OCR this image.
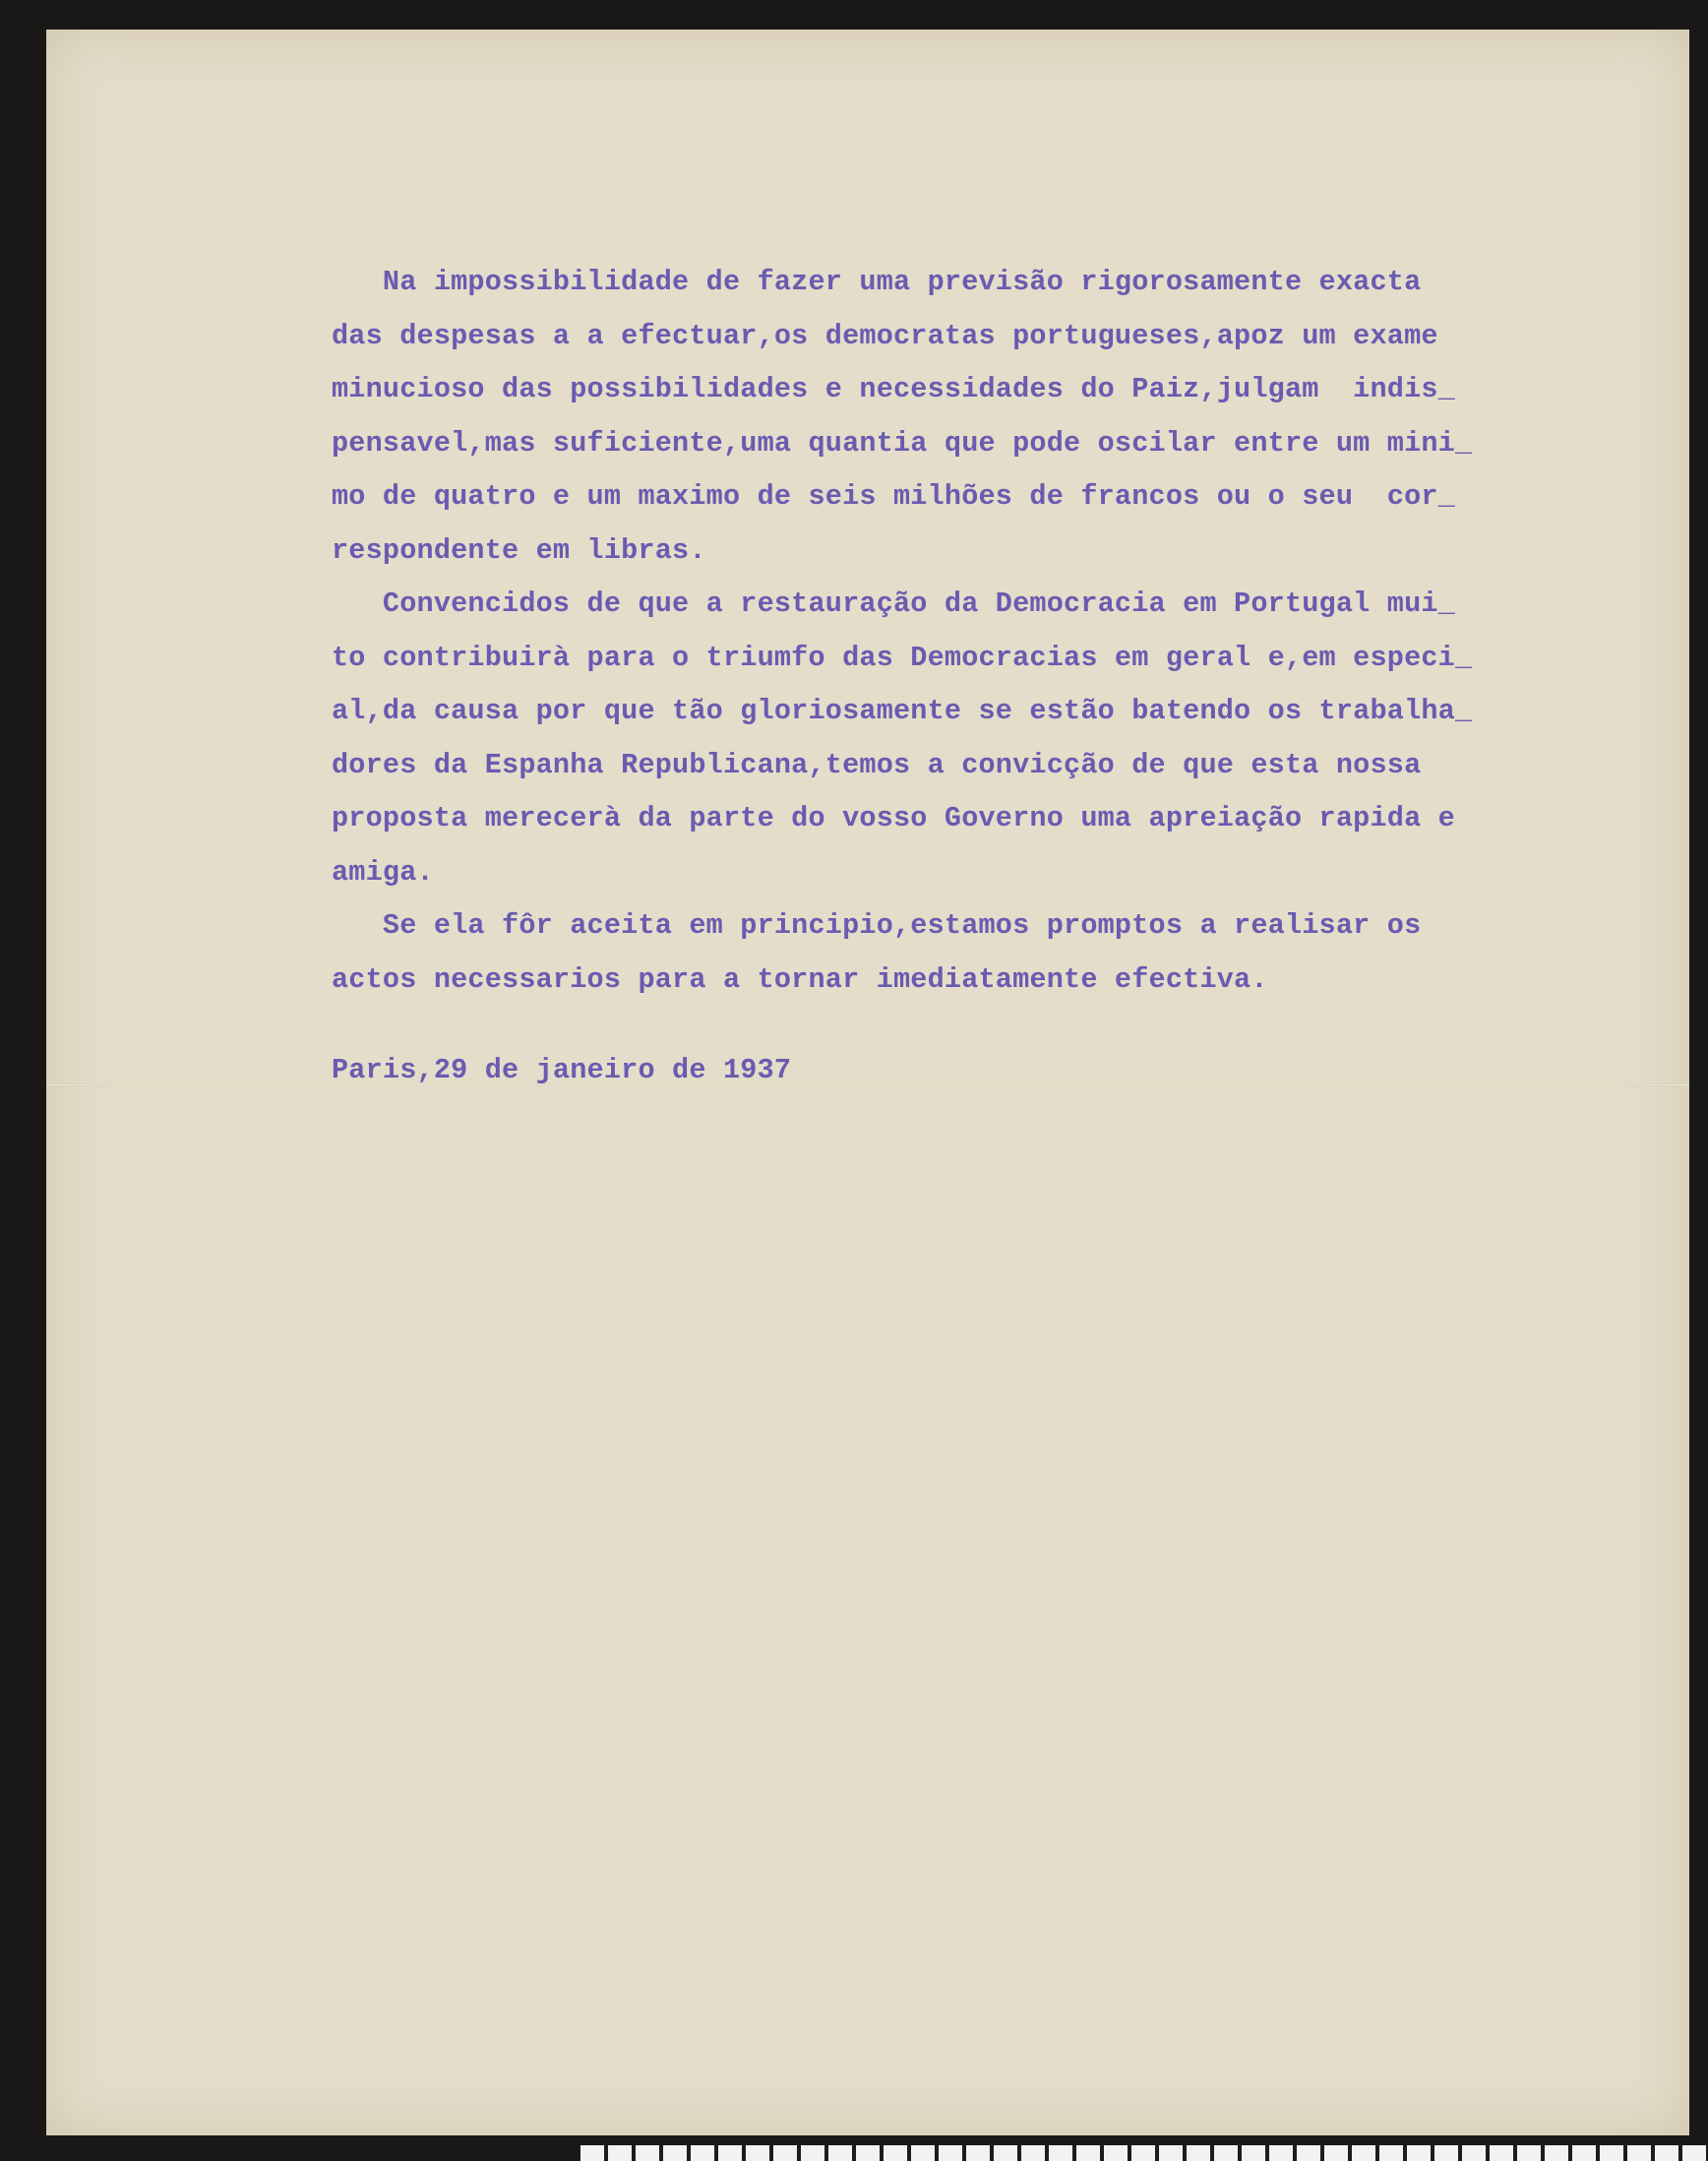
Na impossibilidade de fazer uma previsão rigorosamente exacta
das despesas a a efectuar,os democratas portugueses,apoz um exame
minucioso das possibilidades e necessidades do Paiz,julgam  indis_
pensavel,mas suficiente,uma quantia que pode oscilar entre um mini_
mo de quatro e um maximo de seis milhões de francos ou o seu  cor_
respondente em libras.
Convencidos de que a restauração da Democracia em Portugal mui_
to contribuirà para o triumfo das Democracias em geral e,em especi_
al,da causa por que tão gloriosamente se estão batendo os trabalha_
dores da Espanha Republicana,temos a convicção de que esta nossa
proposta merecerà da parte do vosso Governo uma apreiação rapida e
amiga.
Se ela fôr aceita em principio,estamos promptos a realisar os
actos necessarios para a tornar imediatamente efectiva.
Paris,29 de janeiro de 1937
